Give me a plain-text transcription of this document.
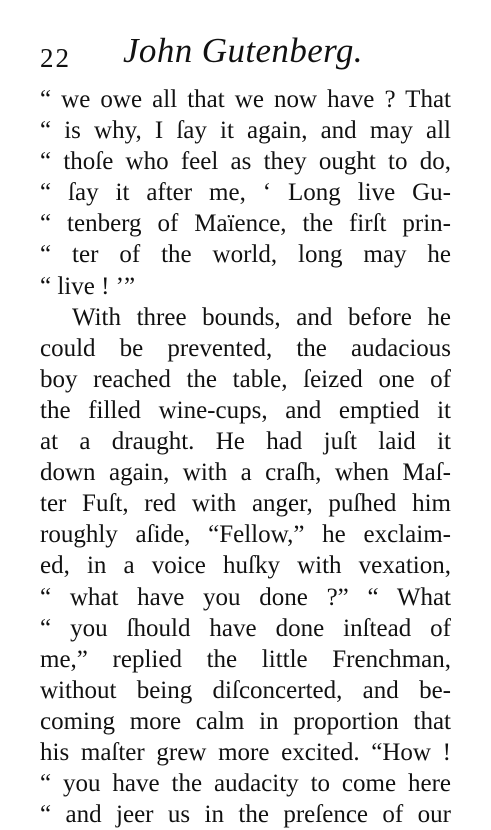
22 John Gutenberg.
“ we owe all that we now have ? That
“ is why, I ſay it again, and may all
“ thoſe who feel as they ought to do,
“ ſay it after me, ‘ Long live Gu-
“ tenberg of Maïence, the firſt prin-
“ ter of the world, long may he
“ live ! ’”
With three bounds, and before he
could be prevented, the audacious
boy reached the table, ſeized one of
the filled wine-cups, and emptied it
at a draught. He had juſt laid it
down again, with a craſh, when Maſ-
ter Fuſt, red with anger, puſhed him
roughly aſide, “Fellow,” he exclaim-
ed, in a voice huſky with vexation,
“ what have you done ?” “ What
“ you ſhould have done inſtead of
me,” replied the little Frenchman,
without being diſconcerted, and be-
coming more calm in proportion that
his maſter grew more excited. “How !
“ you have the audacity to come here
“ and jeer us in the preſence of our
